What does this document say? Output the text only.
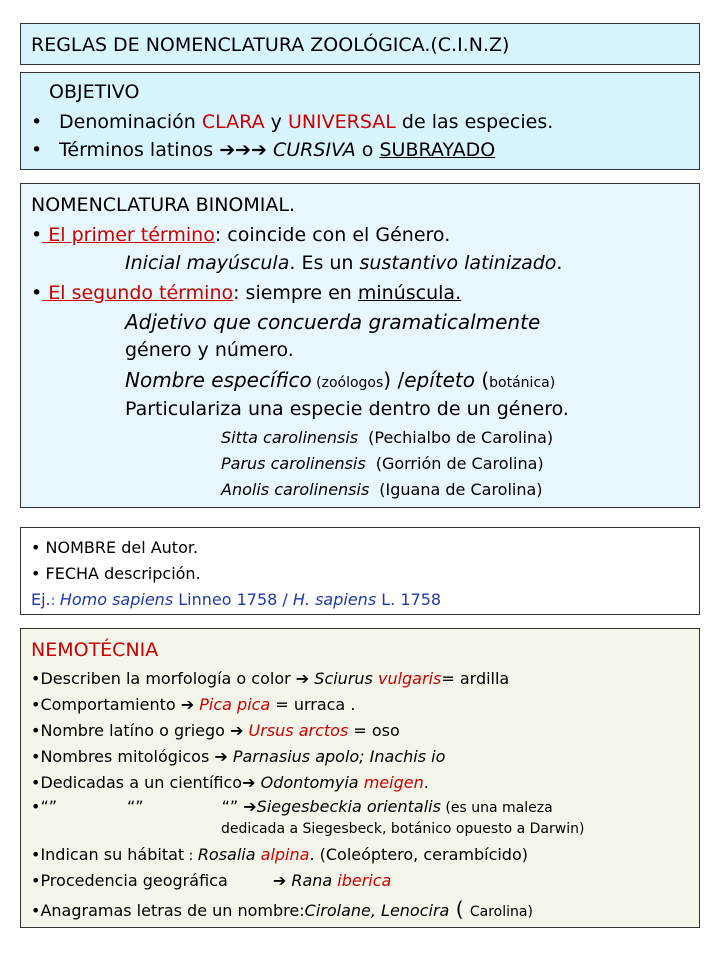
REGLAS DE NOMENCLATURA ZOOLÓGICA.(C.I.N.Z)
OBJETIVO
• Denominación CLARA y UNIVERSAL de las especies.
• Términos latinos ➔➔➔ CURSIVA o SUBRAYADO
NOMENCLATURA BINOMIAL.
• El primer término: coincide con el Género.
Inicial mayúscula. Es un sustantivo latinizado.
• El segundo término: siempre en minúscula.
Adjetivo que concuerda gramaticalmente
género y número.
Nombre específico (zoólogos) /epíteto (botánica)
Particulariza una especie dentro de un género.
Sitta carolinensis (Pechialbo de Carolina)
Parus carolinensis (Gorrión de Carolina)
Anolis carolinensis (Iguana de Carolina)
• NOMBRE del Autor.
• FECHA descripción.
Ej.: Homo sapiens Linneo 1758 / H. sapiens L. 1758
NEMOTÉCNIA
•Describen la morfología o color ➔ Sciurus vulgaris= ardilla
•Comportamiento ➔ Pica pica = urraca .
•Nombre latíno o griego ➔ Ursus arctos = oso
•Nombres mitológicos ➔ Parnasius apolo; Inachis io
•Dedicadas a un científico➔ Odontomyia meigen.
•“”	“”	“” ➔Siegesbeckia orientalis (es una maleza
dedicada a Siegesbeck, botánico opuesto a Darwin)
•Indican su hábitat : Rosalia alpina. (Coleóptero, cerambícido)
•Procedencia geográfica	➔ Rana iberica
•Anagramas letras de un nombre:Cirolane, Lenocira ( Carolina)
